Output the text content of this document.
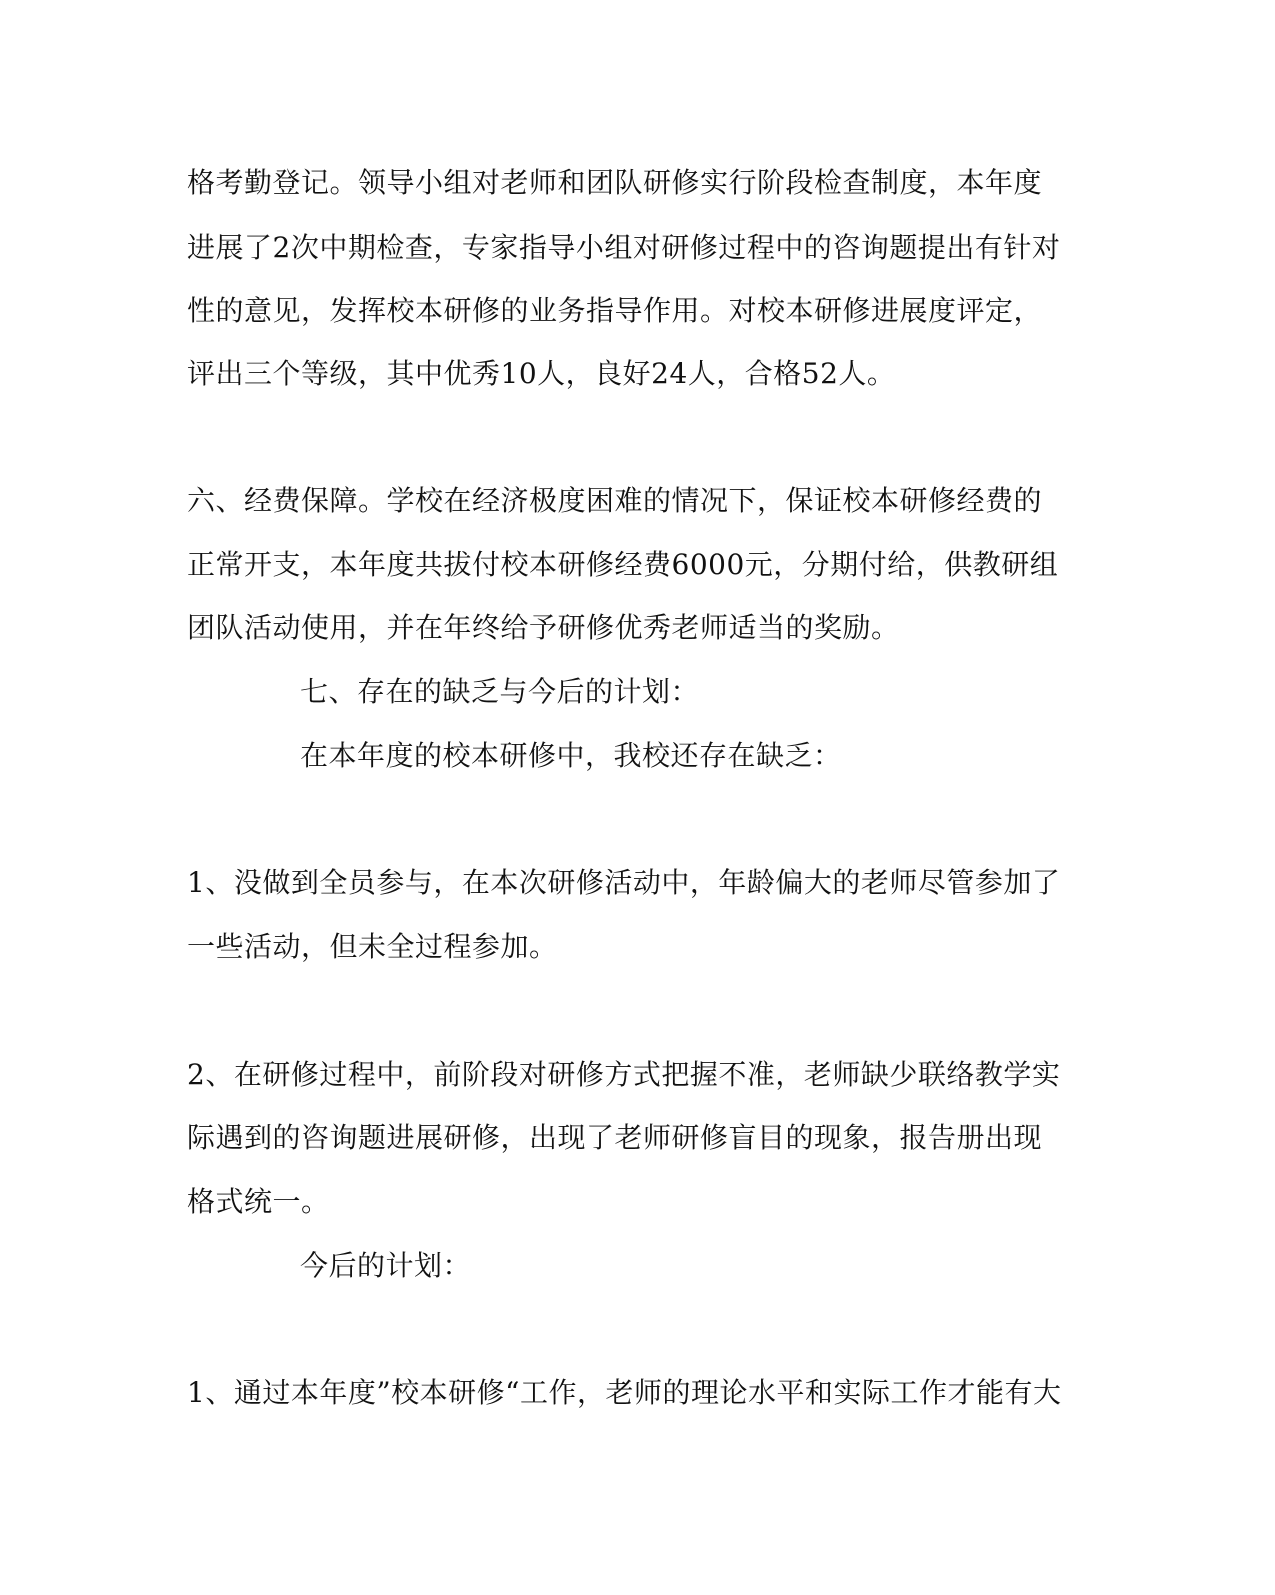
格考勤登记。领导小组对老师和团队研修实行阶段检查制度，本年度
进展了2次中期检查，专家指导小组对研修过程中的咨询题提出有针对
性的意见，发挥校本研修的业务指导作用。对校本研修进展度评定，
评出三个等级，其中优秀10人，良好24人，合格52人。
六、经费保障。学校在经济极度困难的情况下，保证校本研修经费的
正常开支，本年度共拔付校本研修经费6000元，分期付给，供教研组
团队活动使用，并在年终给予研修优秀老师适当的奖励。
七、存在的缺乏与今后的计划：
在本年度的校本研修中，我校还存在缺乏：
1、没做到全员参与，在本次研修活动中，年龄偏大的老师尽管参加了
一些活动，但未全过程参加。
2、在研修过程中，前阶段对研修方式把握不准，老师缺少联络教学实
际遇到的咨询题进展研修，出现了老师研修盲目的现象，报告册出现
格式统一。
今后的计划：
1、通过本年度”校本研修“工作，老师的理论水平和实际工作才能有大
